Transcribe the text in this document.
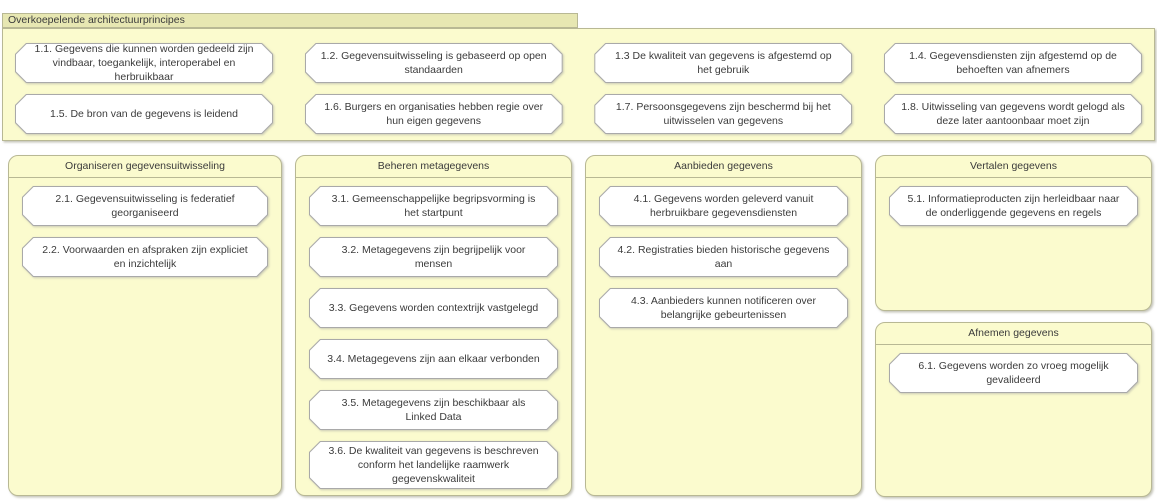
Overkoepelende architectuurprincipes
1.1. Gegevens die kunnen worden gedeeld zijn vindbaar, toegankelijk, interoperabel en herbruikbaar
1.2. Gegevensuitwisseling is gebaseerd op open standaarden
1.3 De kwaliteit van gegevens is afgestemd op het gebruik
1.4. Gegevensdiensten zijn afgestemd op de behoeften van afnemers
1.5. De bron van de gegevens is leidend
1.6. Burgers en organisaties hebben regie over hun eigen gegevens
1.7. Persoonsgegevens zijn beschermd bij het uitwisselen van gegevens
1.8. Uitwisseling van gegevens wordt gelogd als deze later aantoonbaar moet zijn
Organiseren gegevensuitwisseling
2.1. Gegevensuitwisseling is federatief georganiseerd
2.2. Voorwaarden en afspraken zijn expliciet en inzichtelijk
Beheren metagegevens
3.1. Gemeenschappelijke begripsvorming is het startpunt
3.2. Metagegevens zijn begrijpelijk voor mensen
3.3. Gegevens worden contextrijk vastgelegd
3.4. Metagegevens zijn aan elkaar verbonden
3.5. Metagegevens zijn beschikbaar als Linked Data
3.6. De kwaliteit van gegevens is beschreven conform het landelijke raamwerk gegevenskwaliteit
Aanbieden gegevens
4.1. Gegevens worden geleverd vanuit herbruikbare gegevensdiensten
4.2. Registraties bieden historische gegevens aan
4.3. Aanbieders kunnen notificeren over belangrijke gebeurtenissen
Vertalen gegevens
5.1. Informatieproducten zijn herleidbaar naar de onderliggende gegevens en regels
Afnemen gegevens
6.1. Gegevens worden zo vroeg mogelijk gevalideerd
